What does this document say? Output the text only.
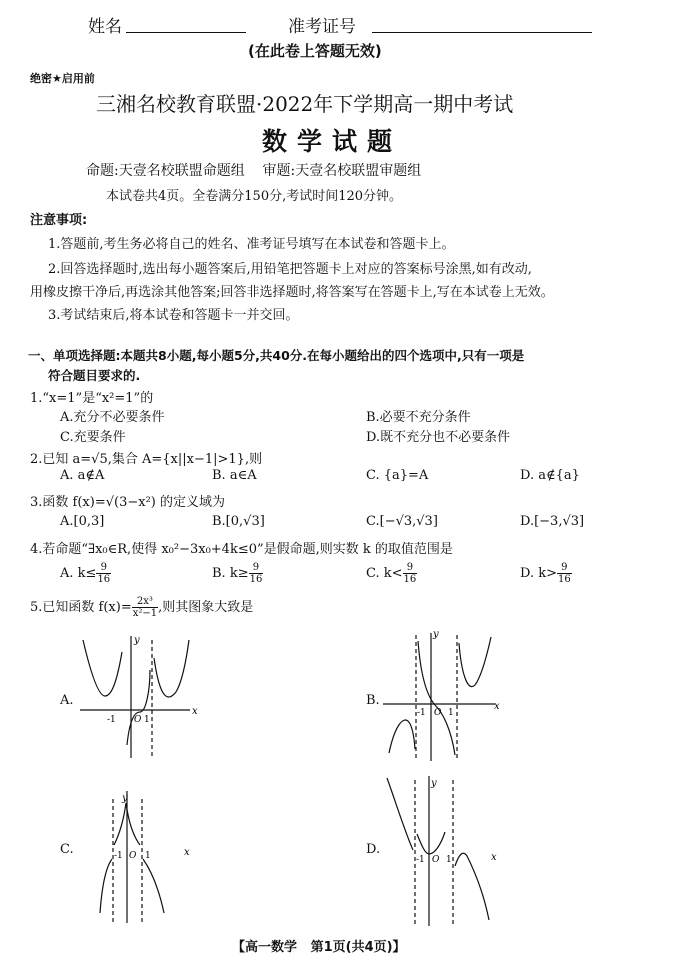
姓名	准考证号
(在此卷上答题无效)
绝密★启用前
三湘名校教育联盟·2022年下学期高一期中考试
数学试题
命题:天壹名校联盟命题组    审题:天壹名校联盟审题组
本试卷共4页。全卷满分150分,考试时间120分钟。
注意事项:
1.答题前,考生务必将自己的姓名、准考证号填写在本试卷和答题卡上。
2.回答选择题时,选出每小题答案后,用铅笔把答题卡上对应的答案标号涂黑,如有改动,
用橡皮擦干净后,再选涂其他答案;回答非选择题时,将答案写在答题卡上,写在本试卷上无效。
3.考试结束后,将本试卷和答题卡一并交回。
一、单项选择题:本题共8小题,每小题5分,共40分.在每小题给出的四个选项中,只有一项是
符合题目要求的.
1.“x=1”是“x²=1”的
A.充分不必要条件	B.必要不充分条件
C.充要条件	D.既不充分也不必要条件
2.已知 a=√5,集合 A={x||x−1|>1},则
A. a∉A	B. a∈A	C. {a}=A	D. a∉{a}
3.函数 f(x)=√(3−x²) 的定义域为
A.[0,3]	B.[0,√3]	C.[−√3,√3]	D.[−3,√3]
4.若命题“∃x₀∈R,使得 x₀²−3x₀+4k≤0”是假命题,则实数 k 的取值范围是
A. $k\le \frac{9}{16}$	B. $k\ge \frac{9}{16}$	C. $k< \frac{9}{16}$	D. $k> \frac{9}{16}$
5.已知函数 $f(x)= \frac{\text{2x³}}{\text{x²−1}}$ ,则其图象大致是
A.	B.
C.	D.
-1 O 1
x
y
-1 O 1
x
y
-1 O 1	x
y
-1 O 1	x
y
【高一数学   第1页(共4页)】
